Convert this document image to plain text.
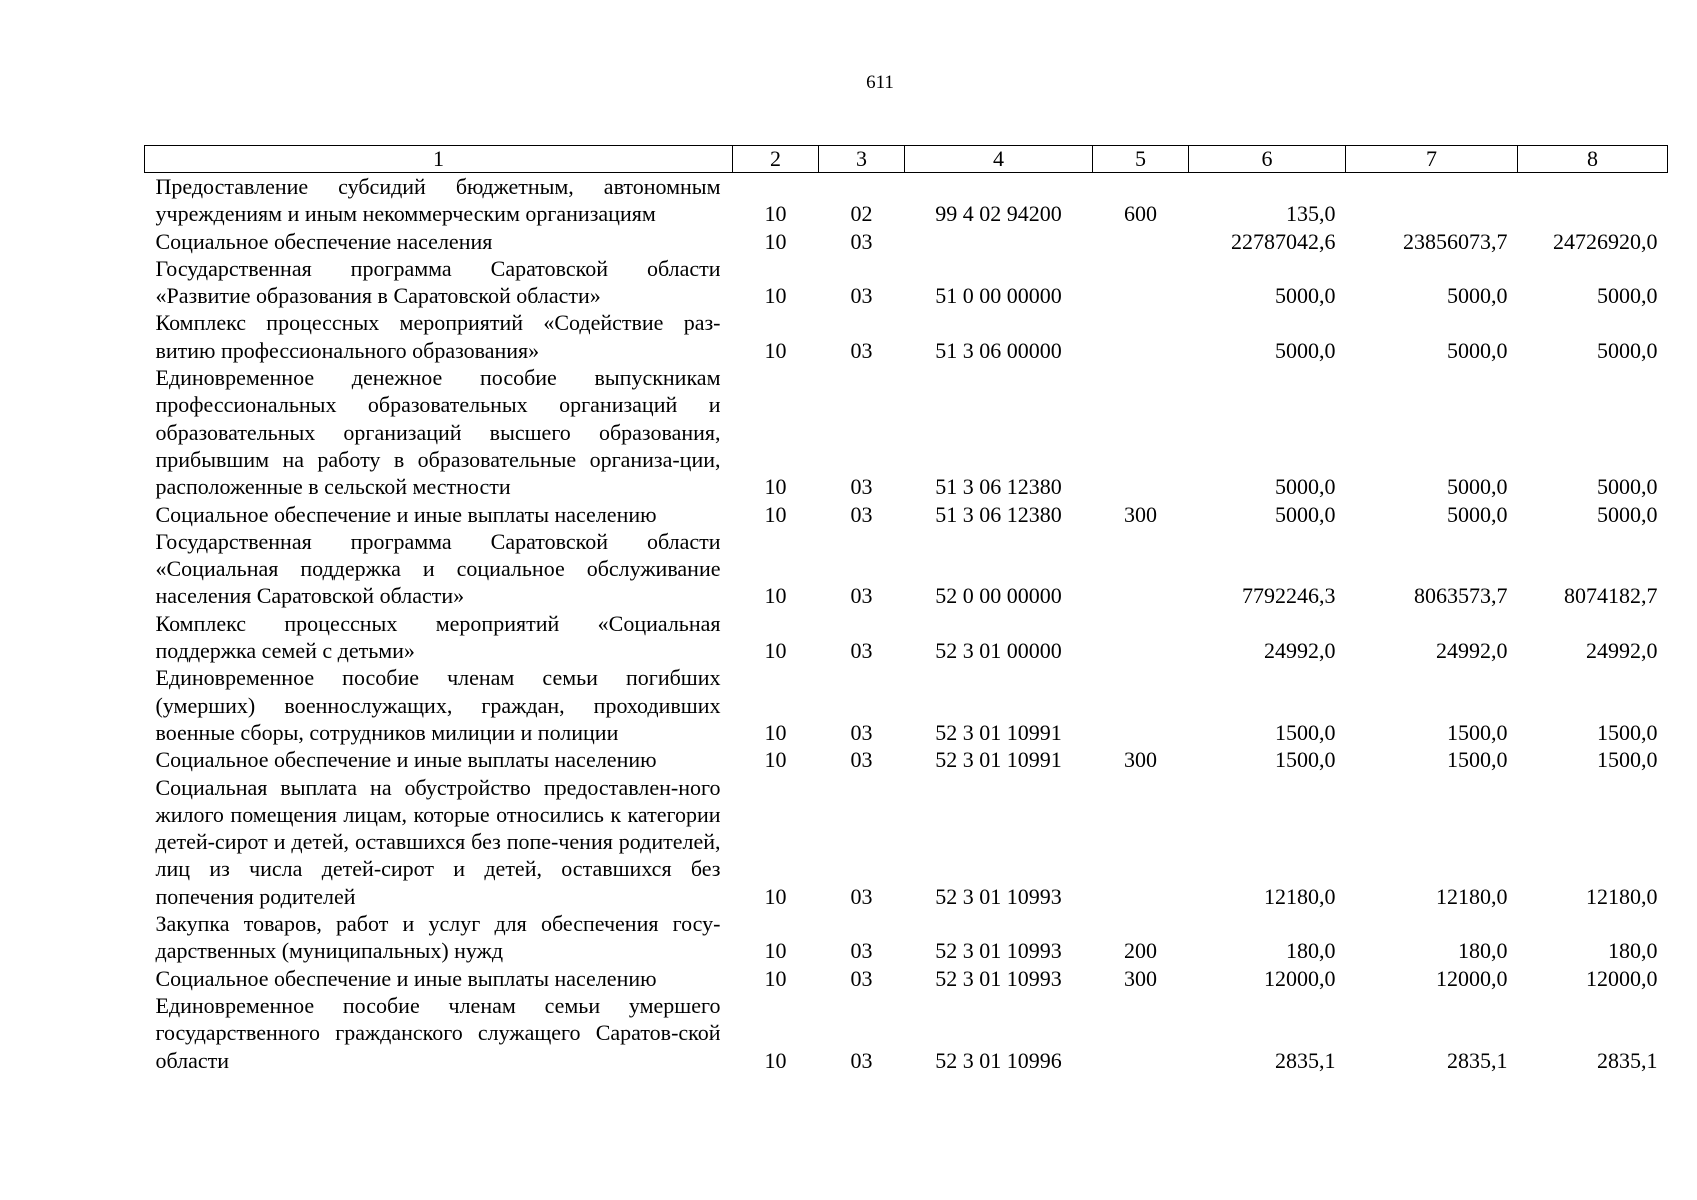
611
1	2	3	4	5	6	7	8
Предоставление субсидий бюджетным, автономным учреждениям и иным некоммерческим организациям	10	02	99 4 02 94200	600	135,0		
Социальное обеспечение населения	10	03			22787042,6	23856073,7	24726920,0
Государственная программа Саратовской области «Развитие образования в Саратовской области»	10	03	51 0 00 00000		5000,0	5000,0	5000,0
Комплекс процессных мероприятий «Содействие раз-витию профессионального образования»	10	03	51 3 06 00000		5000,0	5000,0	5000,0
Единовременное денежное пособие выпускникам профессиональных образовательных организаций и образовательных организаций высшего образования, прибывшим на работу в образовательные организа-ции, расположенные в сельской местности	10	03	51 3 06 12380		5000,0	5000,0	5000,0
Социальное обеспечение и иные выплаты населению	10	03	51 3 06 12380	300	5000,0	5000,0	5000,0
Государственная программа Саратовской области «Социальная поддержка и социальное обслуживание населения Саратовской области»	10	03	52 0 00 00000		7792246,3	8063573,7	8074182,7
Комплекс процессных мероприятий «Социальная поддержка семей с детьми»	10	03	52 3 01 00000		24992,0	24992,0	24992,0
Единовременное пособие членам семьи погибших (умерших) военнослужащих, граждан, проходивших военные сборы, сотрудников милиции и полиции	10	03	52 3 01 10991		1500,0	1500,0	1500,0
Социальное обеспечение и иные выплаты населению	10	03	52 3 01 10991	300	1500,0	1500,0	1500,0
Социальная выплата на обустройство предоставлен-ного жилого помещения лицам, которые относились к категории детей-сирот и детей, оставшихся без попе-чения родителей, лиц из числа детей-сирот и детей, оставшихся без попечения родителей	10	03	52 3 01 10993		12180,0	12180,0	12180,0
Закупка товаров, работ и услуг для обеспечения госу-дарственных (муниципальных) нужд	10	03	52 3 01 10993	200	180,0	180,0	180,0
Социальное обеспечение и иные выплаты населению	10	03	52 3 01 10993	300	12000,0	12000,0	12000,0
Единовременное пособие членам семьи умершего государственного гражданского служащего Саратов-ской области	10	03	52 3 01 10996		2835,1	2835,1	2835,1
